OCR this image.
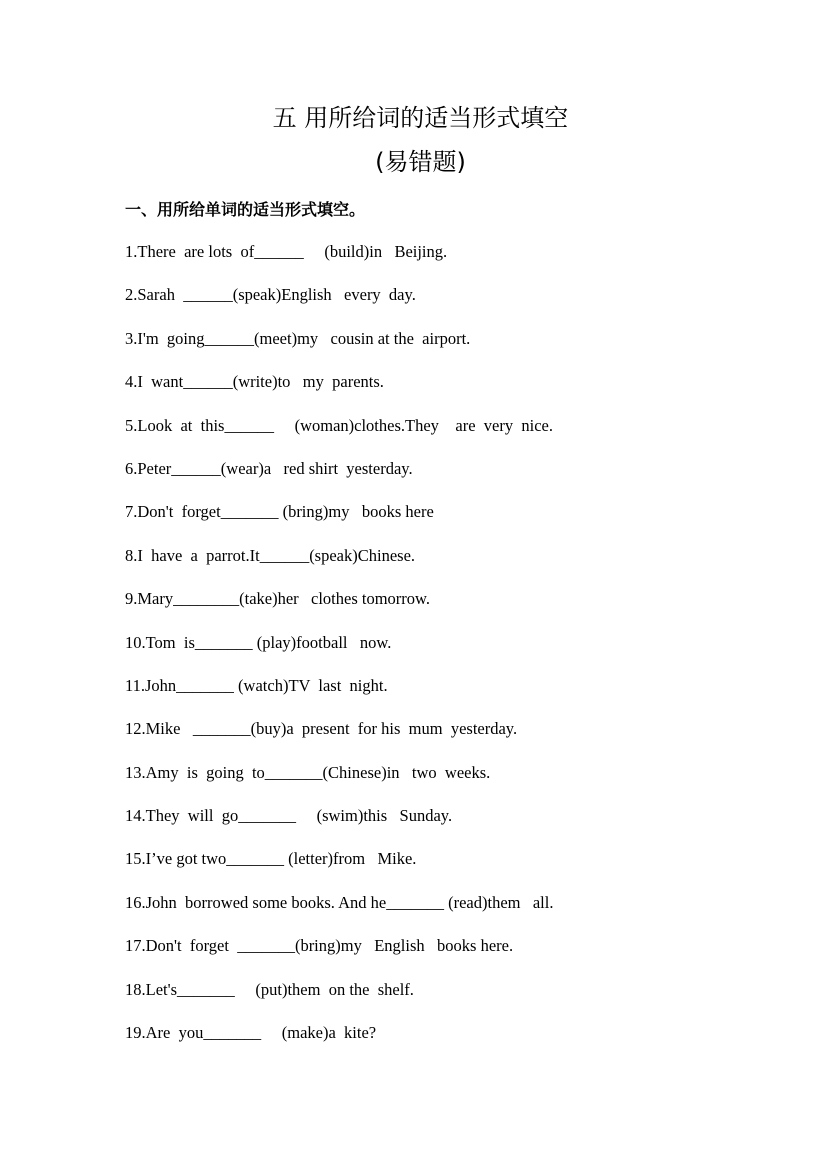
五 用所给词的适当形式填空
(易错题)
一、用所给单词的适当形式填空。
1.There  are lots  of______     (build)in   Beijing.
2.Sarah  ______(speak)English   every  day.
3.I'm  going______(meet)my   cousin at the  airport.
4.I  want______(write)to   my  parents.
5.Look  at  this______     (woman)clothes.They    are  very  nice.
6.Peter______(wear)a   red shirt  yesterday.
7.Don't  forget_______ (bring)my   books here
8.I  have  a  parrot.It______(speak)Chinese.
9.Mary________(take)her   clothes tomorrow.
10.Tom  is_______ (play)football   now.
11.John_______ (watch)TV  last  night.
12.Mike   _______(buy)a  present  for his  mum  yesterday.
13.Amy  is  going  to_______(Chinese)in   two  weeks.
14.They  will  go_______     (swim)this   Sunday.
15.I’ve got two_______ (letter)from   Mike.
16.John  borrowed some books. And he_______ (read)them   all.
17.Don't  forget  _______(bring)my   English   books here.
18.Let's_______     (put)them  on the  shelf.
19.Are  you_______     (make)a  kite?
